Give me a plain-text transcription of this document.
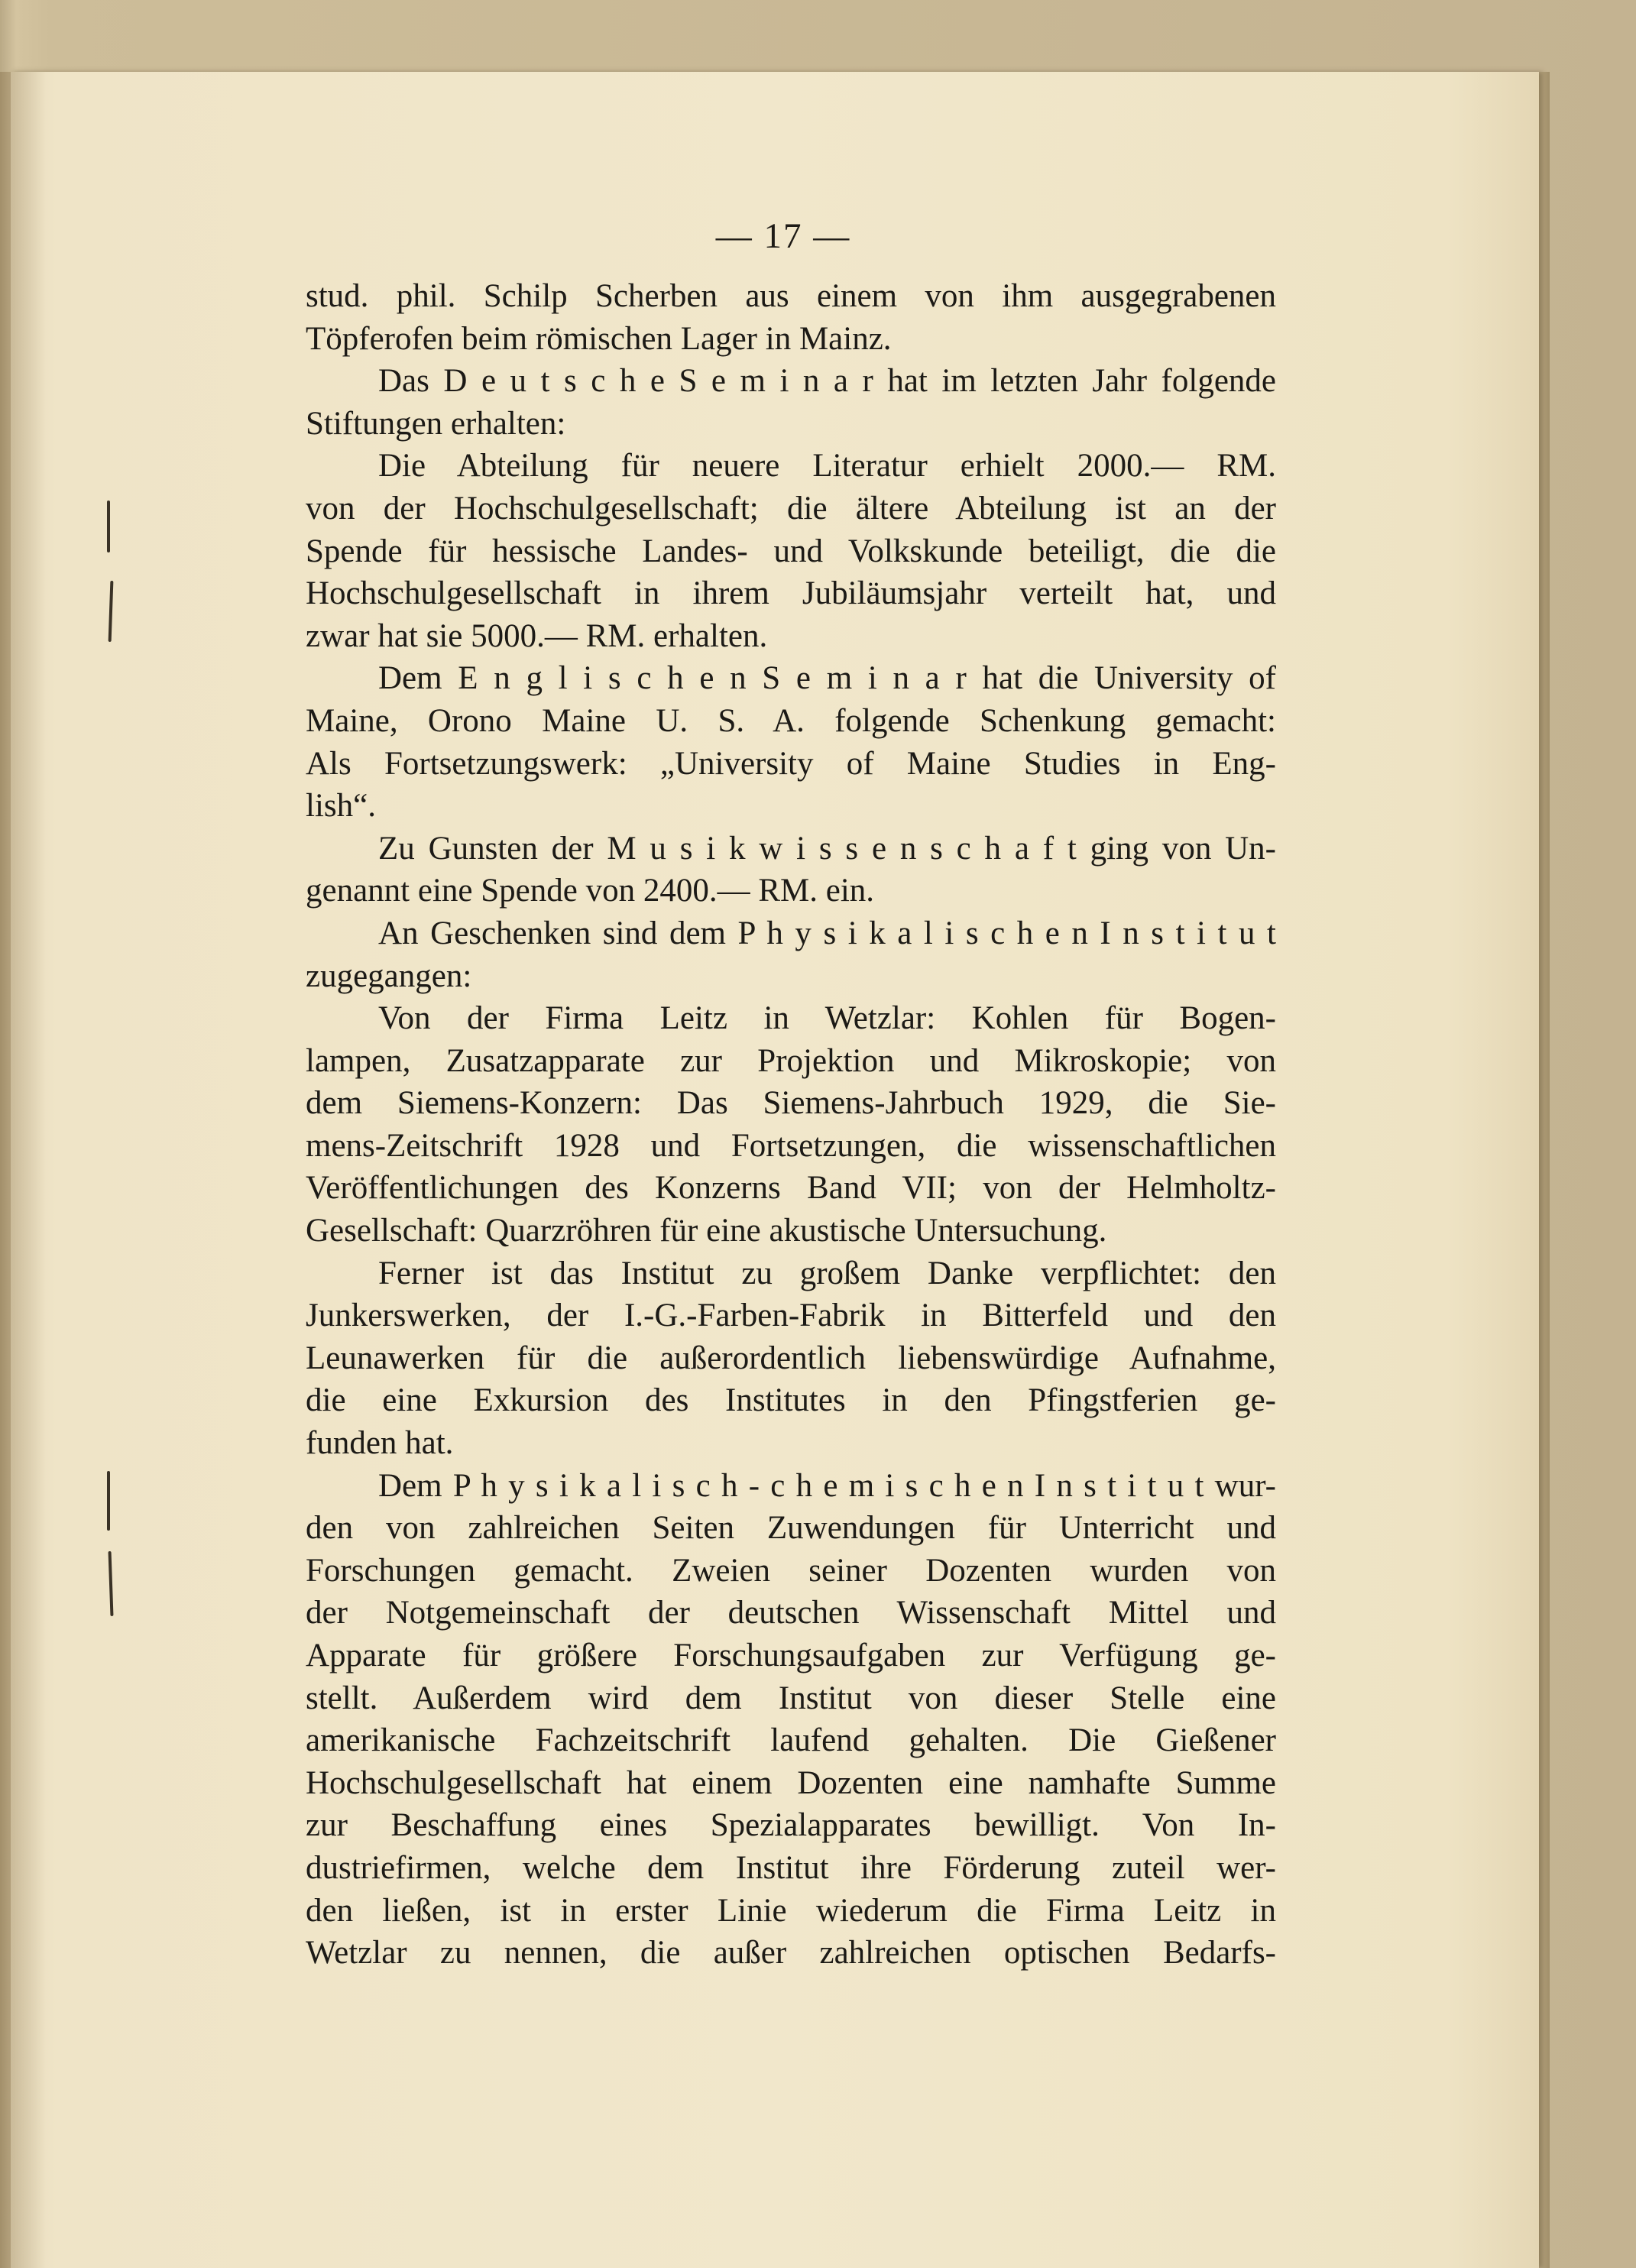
— 17 —
stud. phil. Schilp Scherben aus einem von ihm ausgegrabenen
Töpferofen beim römischen Lager in Mainz.
Das D e u t s c h e S e m i n a r hat im letzten Jahr folgende
Stiftungen erhalten:
Die Abteilung für neuere Literatur erhielt 2000.— RM.
von der Hochschulgesellschaft; die ältere Abteilung ist an der
Spende für hessische Landes- und Volkskunde beteiligt, die die
Hochschulgesellschaft in ihrem Jubiläumsjahr verteilt hat, und
zwar hat sie 5000.— RM. erhalten.
Dem E n g l i s c h e n S e m i n a r hat die University of
Maine, Orono Maine U. S. A. folgende Schenkung gemacht:
Als Fortsetzungswerk: „University of Maine Studies in Eng-
lish“.
Zu Gunsten der M u s i k w i s s e n s c h a f t ging von Un-
genannt eine Spende von 2400.— RM. ein.
An Geschenken sind dem P h y s i k a l i s c h e n I n s t i t u t
zugegangen:
Von der Firma Leitz in Wetzlar: Kohlen für Bogen-
lampen, Zusatzapparate zur Projektion und Mikroskopie; von
dem Siemens-Konzern: Das Siemens-Jahrbuch 1929, die Sie-
mens-Zeitschrift 1928 und Fortsetzungen, die wissenschaftlichen
Veröffentlichungen des Konzerns Band VII; von der Helmholtz-
Gesellschaft: Quarzröhren für eine akustische Untersuchung.
Ferner ist das Institut zu großem Danke verpflichtet: den
Junkerswerken, der I.-G.-Farben-Fabrik in Bitterfeld und den
Leunawerken für die außerordentlich liebenswürdige Aufnahme,
die eine Exkursion des Institutes in den Pfingstferien ge-
funden hat.
Dem P h y s i k a l i s c h - c h e m i s c h e n I n s t i t u t wur-
den von zahlreichen Seiten Zuwendungen für Unterricht und
Forschungen gemacht. Zweien seiner Dozenten wurden von
der Notgemeinschaft der deutschen Wissenschaft Mittel und
Apparate für größere Forschungsaufgaben zur Verfügung ge-
stellt. Außerdem wird dem Institut von dieser Stelle eine
amerikanische Fachzeitschrift laufend gehalten. Die Gießener
Hochschulgesellschaft hat einem Dozenten eine namhafte Summe
zur Beschaffung eines Spezialapparates bewilligt. Von In-
dustriefirmen, welche dem Institut ihre Förderung zuteil wer-
den ließen, ist in erster Linie wiederum die Firma Leitz in
Wetzlar zu nennen, die außer zahlreichen optischen Bedarfs-
